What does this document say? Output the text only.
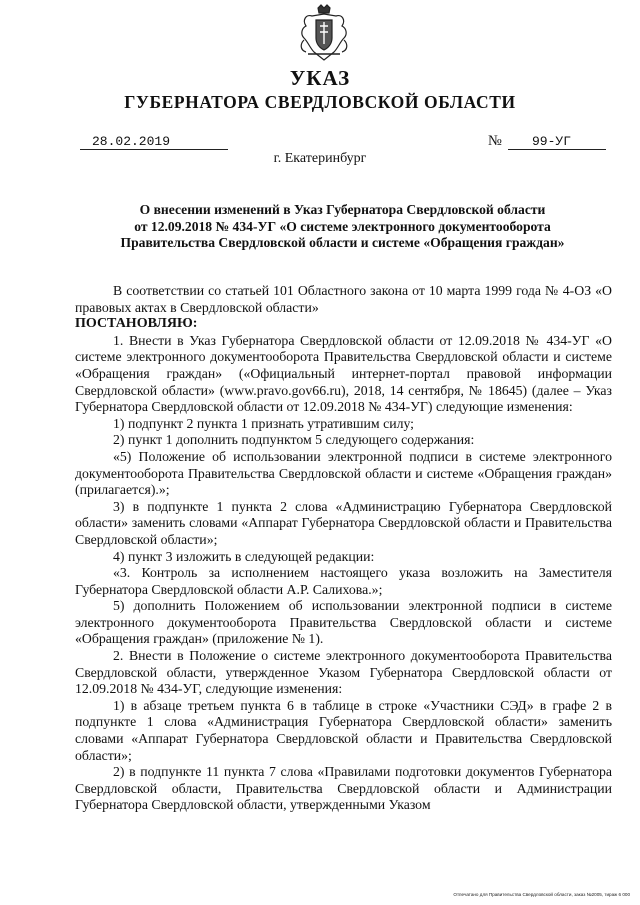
УКАЗ
ГУБЕРНАТОРА СВЕРДЛОВСКОЙ ОБЛАСТИ
28.02.2019	№	99-УГ
г. Екатеринбург
О внесении изменений в Указ Губернатора Свердловской области
от 12.09.2018 № 434-УГ «О системе электронного документооборота
Правительства Свердловской области и системе «Обращения граждан»

В соответствии со статьей 101 Областного закона от 10 марта 1999 года № 4-ОЗ «О правовых актах в Свердловской области»

ПОСТАНОВЛЯЮ:

1. Внести в Указ Губернатора Свердловской области от 12.09.2018 № 434-УГ «О системе электронного документооборота Правительства Свердловской области и системе «Обращения граждан» («Официальный интернет-портал правовой информации Свердловской области» (www.pravo.gov66.ru), 2018, 14 сентября, № 18645) (далее – Указ Губернатора Свердловской области от 12.09.2018 № 434-УГ) следующие изменения:

1) подпункт 2 пункта 1 признать утратившим силу;

2) пункт 1 дополнить подпунктом 5 следующего содержания:

«5) Положение об использовании электронной подписи в системе электронного документооборота Правительства Свердловской области и системе «Обращения граждан» (прилагается).»;

3) в подпункте 1 пункта 2 слова «Администрацию Губернатора Свердловской области» заменить словами «Аппарат Губернатора Свердловской области и Правительства Свердловской области»;

4) пункт 3 изложить в следующей редакции:

«3. Контроль за исполнением настоящего указа возложить на Заместителя Губернатора Свердловской области А.Р. Салихова.»;

5) дополнить Положением об использовании электронной подписи в системе электронного документооборота Правительства Свердловской области и системе «Обращения граждан» (приложение № 1).

2. Внести в Положение о системе электронного документооборота Правительства Свердловской области, утвержденное Указом Губернатора Свердловской области от 12.09.2018 № 434-УГ, следующие изменения:

1) в абзаце третьем пункта 6 в таблице в строке «Участники СЭД» в графе 2 в подпункте 1 слова «Администрация Губернатора Свердловской области» заменить словами «Аппарат Губернатора Свердловской области и Правительства Свердловской области»;

2) в подпункте 11 пункта 7 слова «Правилами подготовки документов Губернатора Свердловской области, Правительства Свердловской области и Администрации Губернатора Свердловской области, утвержденными Указом

Отпечатано для Правительства Свердловской области, заказ №2005, тираж 6 000
